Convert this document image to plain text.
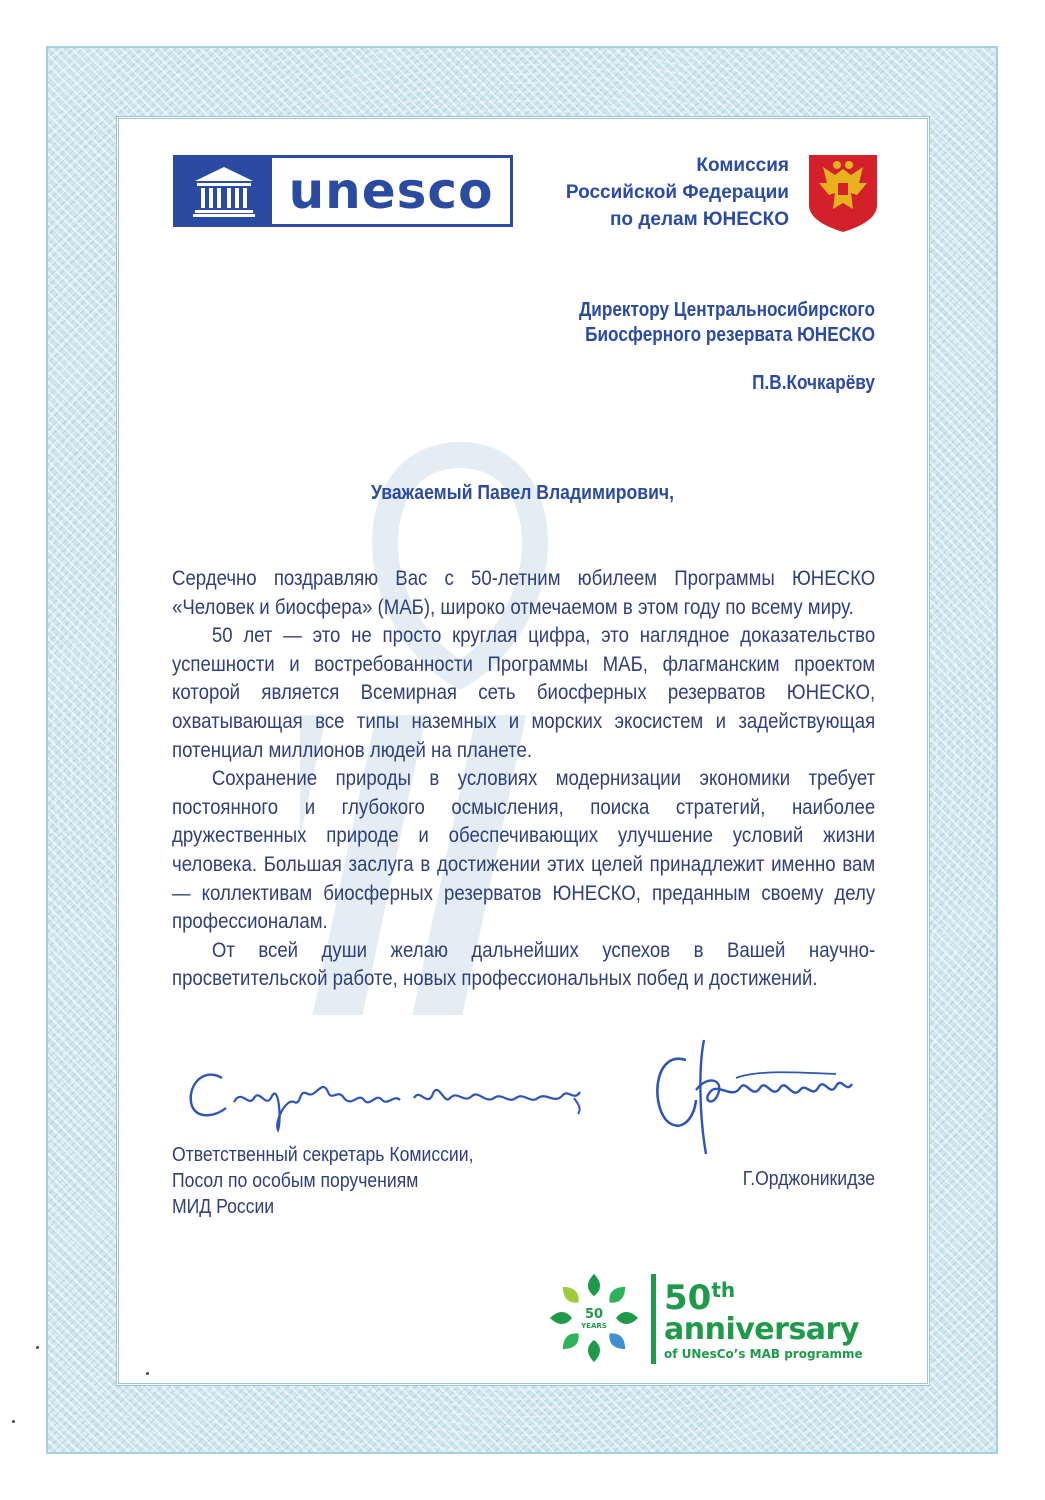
unesco	Комиссия
Российской Федерации
по делам ЮНЕСКО
Директору Центральносибирского
Биосферного резервата ЮНЕСКО
П.В.Кочкарёву
Уважаемый Павел Владимирович,

Сердечно поздравляю Вас с 50-летним юбилеем Программы ЮНЕСКО «Человек и биосфера» (МАБ), широко отмечаемом в этом году по всему миру.

50 лет — это не просто круглая цифра, это наглядное доказательство успешности и востребованности Программы МАБ, флагманским проектом которой является Всемирная сеть биосферных резерватов ЮНЕСКО, охватывающая все типы наземных и морских экосистем и задействующая потенциал миллионов людей на планете.

Сохранение природы в условиях модернизации экономики требует постоянного и глубокого осмысления, поиска стратегий, наиболее дружественных природе и обеспечивающих улучшение условий жизни человека. Большая заслуга в достижении этих целей принадлежит именно вам — коллективам биосферных резерватов ЮНЕСКО, преданным своему делу профессионалам.

От всей души желаю дальнейших успехов в Вашей научно-просветительской работе, новых профессиональных побед и достижений.

Ответственный секретарь Комиссии,
Посол по особым поручениям
МИД России
Г.Орджоникидзе
50
YEARS
50th
anniversary
of UNesCo’s MAB programme
